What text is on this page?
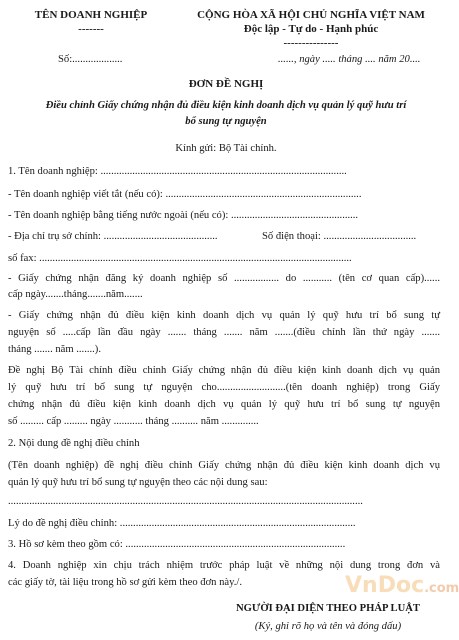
TÊN DOANH NGHIỆP
-------
CỘNG HÒA XÃ HỘI CHỦ NGHĨA VIỆT NAM
Độc lập - Tự do - Hạnh phúc
---------------
Số:...................	......, ngày ..... tháng .... năm 20....
ĐƠN ĐỀ NGHỊ
Điều chỉnh Giấy chứng nhận đủ điều kiện kinh doanh dịch vụ quản lý quỹ hưu trí
bổ sung tự nguyện
Kính gửi: Bộ Tài chính.
1. Tên doanh nghiệp: .............................................................................................
- Tên doanh nghiệp viết tắt (nếu có): ..........................................................................
- Tên doanh nghiệp bằng tiếng nước ngoài (nếu có): ................................................
- Địa chỉ trụ sở chính: ...........................................	Số điện thoại: ...................................
số fax: ......................................................................................................................
- Giấy chứng nhận đăng ký doanh nghiệp số ................. do ........... (tên cơ quan cấp)......
cấp ngày.......tháng.......năm.......
- Giấy chứng nhận đủ điều kiện kinh doanh dịch vụ quản lý quỹ hưu trí bổ sung tự
nguyện số .....cấp lần đầu ngày ....... tháng ....... năm .......(điều chỉnh lần thứ ngày .......
tháng ....... năm .......).
Đề nghị Bộ Tài chính điều chỉnh Giấy chứng nhận đủ điều kiện kinh doanh dịch vụ quản
lý quỹ hưu trí bổ sung tự nguyện cho..........................(tên doanh nghiệp) trong Giấy
chứng nhận đủ điều kiện kinh doanh dịch vụ quản lý quỹ hưu trí bổ sung tự nguyện
số ......... cấp ......... ngày ........... tháng .......... năm ..............
2. Nội dung đề nghị điều chỉnh
(Tên doanh nghiệp) đề nghị điều chỉnh Giấy chứng nhận đủ điều kiện kinh doanh dịch vụ
quản lý quỹ hưu trí bổ sung tự nguyện theo các nội dung sau:
......................................................................................................................................
Lý do đề nghị điều chỉnh: .........................................................................................
3. Hồ sơ kèm theo gồm có: ...................................................................................
4. Doanh nghiệp xin chịu trách nhiệm trước pháp luật về những nội dung trong đơn và
các giấy tờ, tài liệu trong hồ sơ gửi kèm theo đơn này./.	VnDoc.com
NGƯỜI ĐẠI DIỆN THEO PHÁP LUẬT
(Ký, ghi rõ họ và tên và đóng dấu)
